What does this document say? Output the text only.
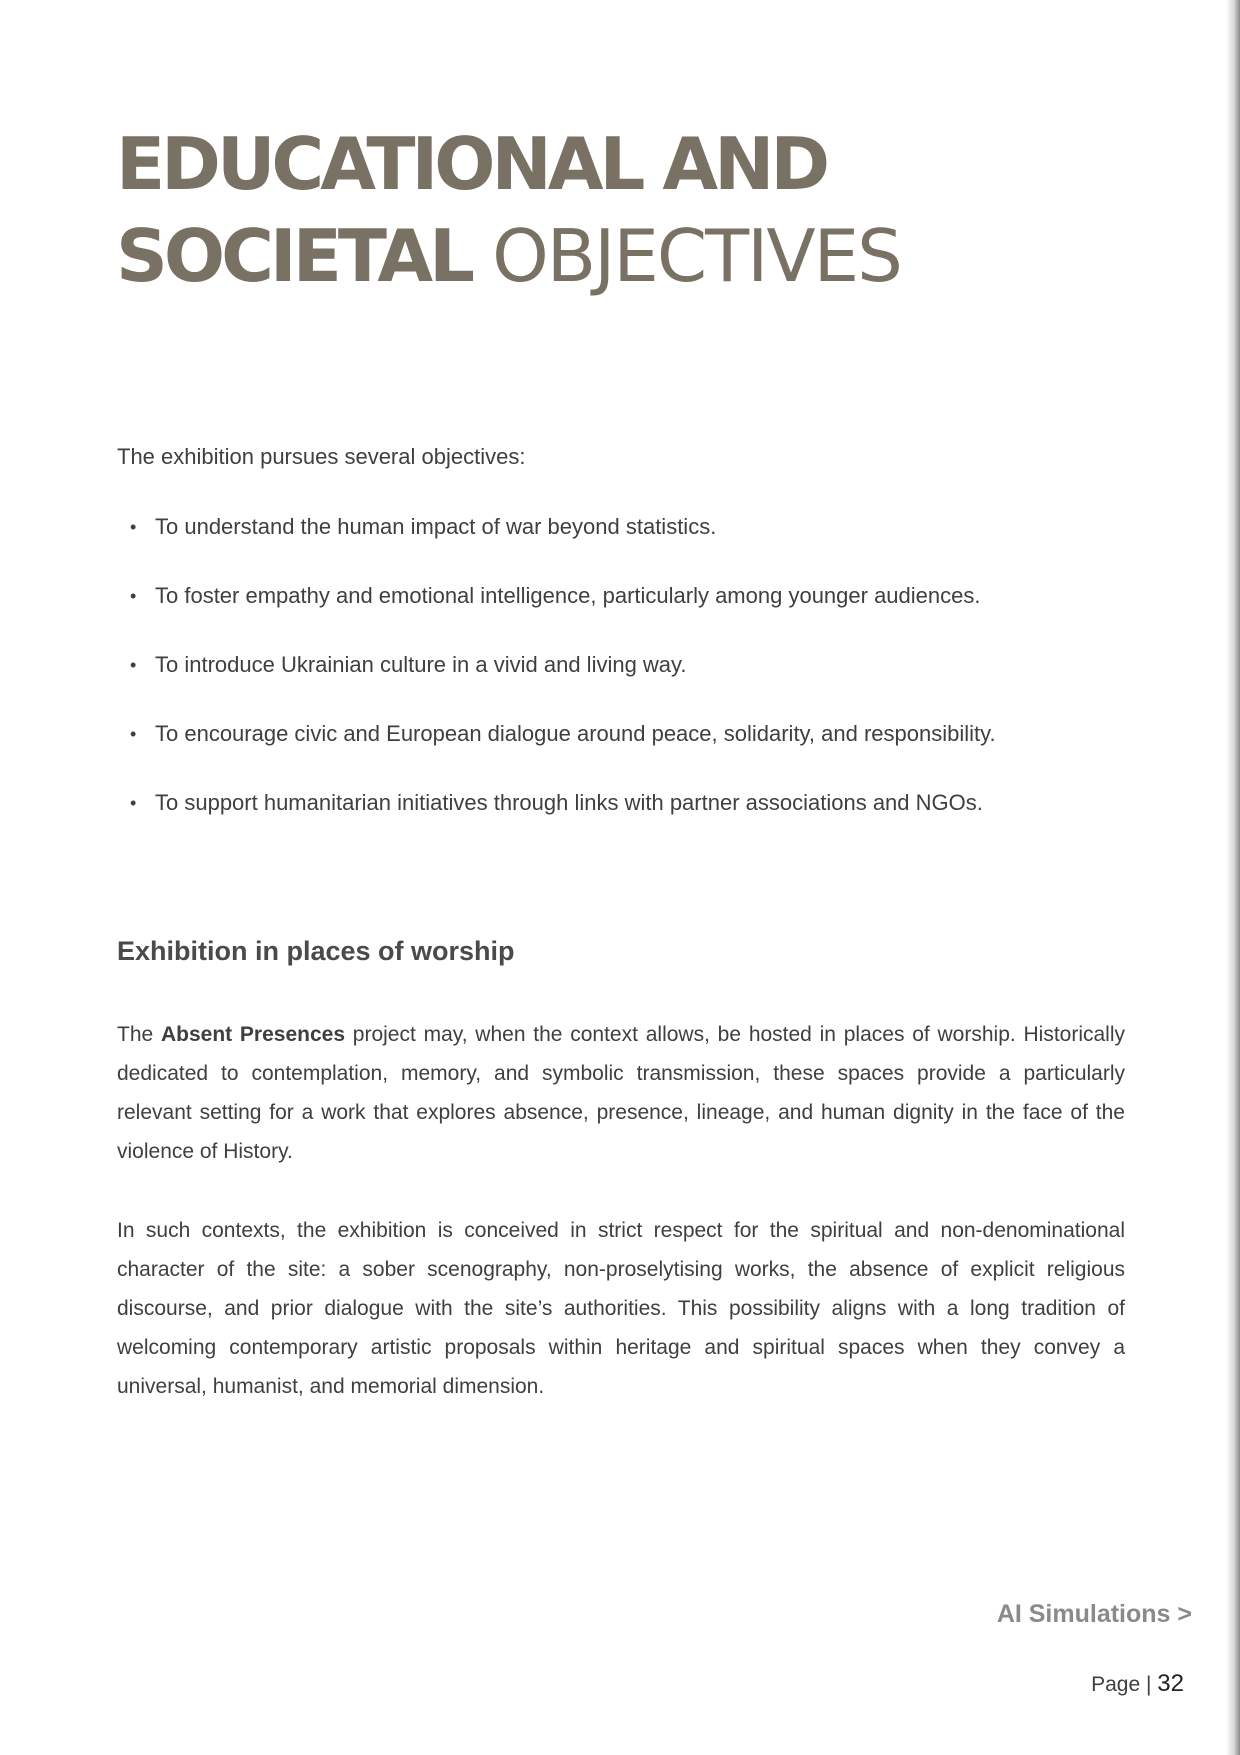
EDUCATIONAL AND
SOCIETAL OBJECTIVES
The exhibition pursues several objectives:
• To understand the human impact of war beyond statistics.
• To foster empathy and emotional intelligence, particularly among younger audiences.
• To introduce Ukrainian culture in a vivid and living way.
• To encourage civic and European dialogue around peace, solidarity, and responsibility.
• To support humanitarian initiatives through links with partner associations and NGOs.
Exhibition in places of worship

The Absent Presences project may, when the context allows, be hosted in places of worship. Historically dedicated to contemplation, memory, and symbolic transmission, these spaces provide a particularly relevant setting for a work that explores absence, presence, lineage, and human dignity in the face of the violence of History.

In such contexts, the exhibition is conceived in strict respect for the spiritual and non-denominational character of the site: a sober scenography, non-proselytising works, the absence of explicit religious discourse, and prior dialogue with the site’s authorities. This possibility aligns with a long tradition of welcoming contemporary artistic proposals within heritage and spiritual spaces when they convey a universal, humanist, and memorial dimension.

AI Simulations >
Page | 32
